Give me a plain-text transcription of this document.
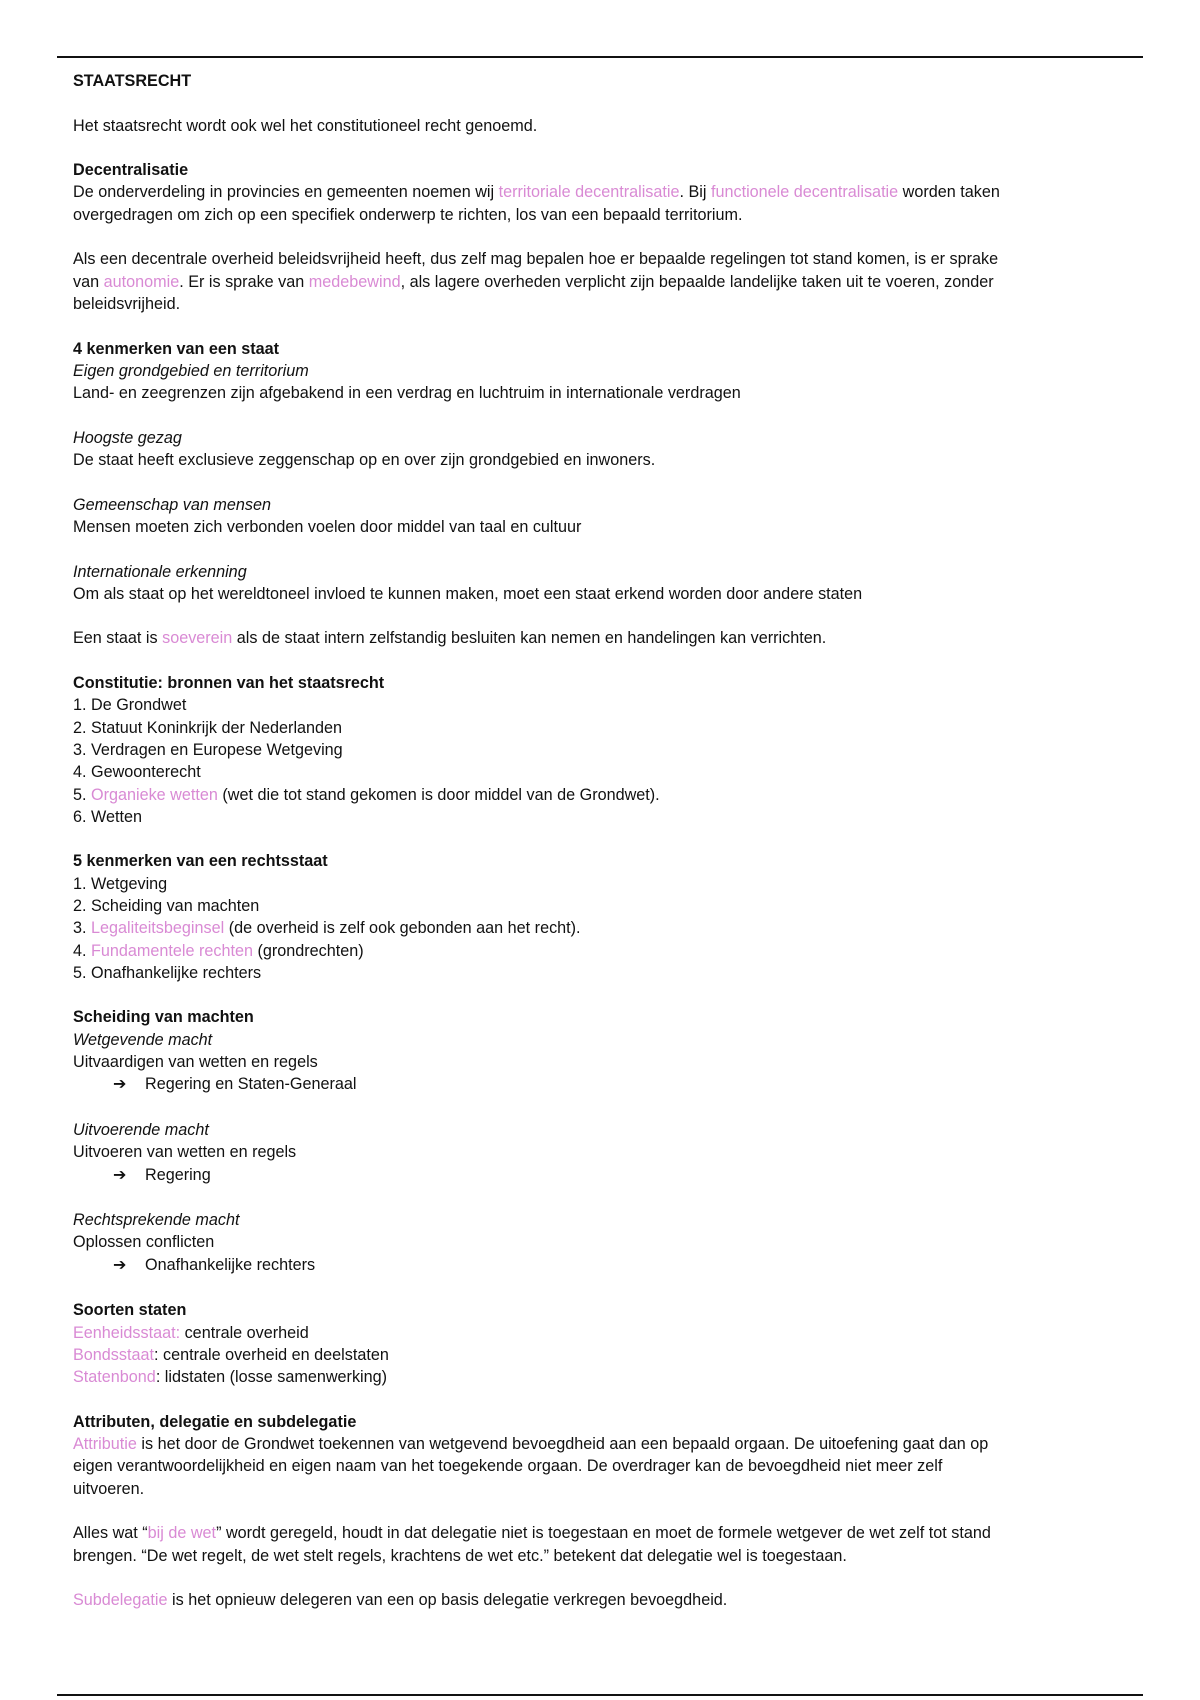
STAATSRECHT

Het staatsrecht wordt ook wel het constitutioneel recht genoemd.

Decentralisatie

De onderverdeling in provincies en gemeenten noemen wij territoriale decentralisatie. Bij functionele decentralisatie worden taken
overgedragen om zich op een specifiek onderwerp te richten, los van een bepaald territorium.

Als een decentrale overheid beleidsvrijheid heeft, dus zelf mag bepalen hoe er bepaalde regelingen tot stand komen, is er sprake
van autonomie. Er is sprake van medebewind, als lagere overheden verplicht zijn bepaalde landelijke taken uit te voeren, zonder
beleidsvrijheid.

4 kenmerken van een staat

Eigen grondgebied en territorium

Land- en zeegrenzen zijn afgebakend in een verdrag en luchtruim in internationale verdragen

Hoogste gezag

De staat heeft exclusieve zeggenschap op en over zijn grondgebied en inwoners.

Gemeenschap van mensen

Mensen moeten zich verbonden voelen door middel van taal en cultuur

Internationale erkenning

Om als staat op het wereldtoneel invloed te kunnen maken, moet een staat erkend worden door andere staten

Een staat is soeverein als de staat intern zelfstandig besluiten kan nemen en handelingen kan verrichten.

Constitutie: bronnen van het staatsrecht

1. De Grondwet

2. Statuut Koninkrijk der Nederlanden

3. Verdragen en Europese Wetgeving

4. Gewoonterecht

5. Organieke wetten (wet die tot stand gekomen is door middel van de Grondwet).

6. Wetten

5 kenmerken van een rechtsstaat

1. Wetgeving

2. Scheiding van machten

3. Legaliteitsbeginsel (de overheid is zelf ook gebonden aan het recht).

4. Fundamentele rechten (grondrechten)

5. Onafhankelijke rechters

Scheiding van machten

Wetgevende macht

Uitvaardigen van wetten en regels

➔ Regering en Staten-Generaal

Uitvoerende macht

Uitvoeren van wetten en regels

➔ Regering

Rechtsprekende macht

Oplossen conflicten

➔ Onafhankelijke rechters

Soorten staten

Eenheidsstaat: centrale overheid

Bondsstaat: centrale overheid en deelstaten

Statenbond: lidstaten (losse samenwerking)

Attributen, delegatie en subdelegatie

Attributie is het door de Grondwet toekennen van wetgevend bevoegdheid aan een bepaald orgaan. De uitoefening gaat dan op
eigen verantwoordelijkheid en eigen naam van het toegekende orgaan. De overdrager kan de bevoegdheid niet meer zelf
uitvoeren.

Alles wat “bij de wet” wordt geregeld, houdt in dat delegatie niet is toegestaan en moet de formele wetgever de wet zelf tot stand
brengen. “De wet regelt, de wet stelt regels, krachtens de wet etc.” betekent dat delegatie wel is toegestaan.

Subdelegatie is het opnieuw delegeren van een op basis delegatie verkregen bevoegdheid.
